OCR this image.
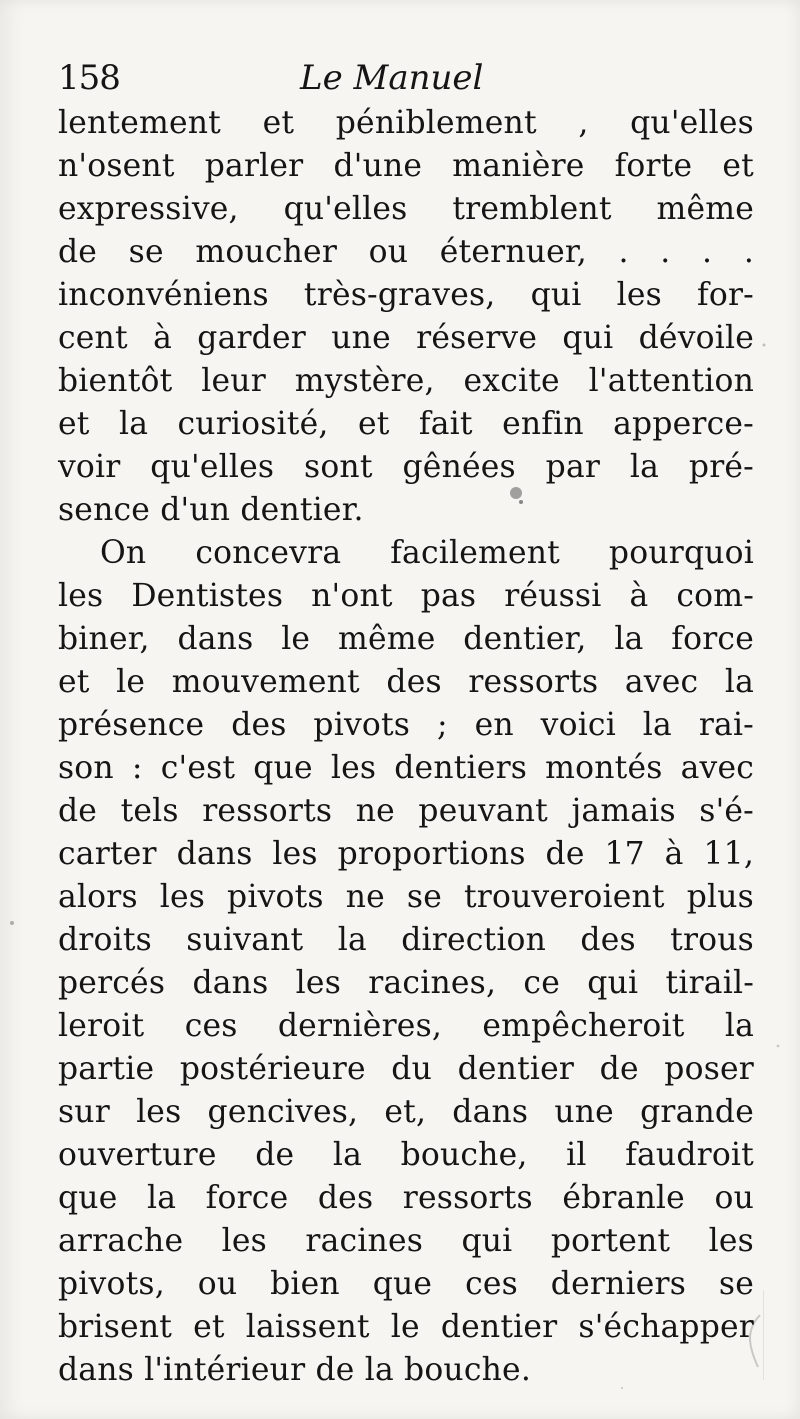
158	Le Manuel
lentement et péniblement , qu'elles
n'osent parler d'une manière forte et
expressive, qu'elles tremblent même
de se moucher ou éternuer, . . . .
inconvéniens très-graves, qui les for-
cent à garder une réserve qui dévoile
bientôt leur mystère, excite l'attention
et la curiosité, et fait enfin apperce-
voir qu'elles sont gênées par la pré-
sence d'un dentier.
On concevra facilement pourquoi
les Dentistes n'ont pas réussi à com-
biner, dans le même dentier, la force
et le mouvement des ressorts avec la
présence des pivots ; en voici la rai-
son : c'est que les dentiers montés avec
de tels ressorts ne peuvant jamais s'é-
carter dans les proportions de 17 à 11,
alors les pivots ne se trouveroient plus
droits suivant la direction des trous
percés dans les racines, ce qui tirail-
leroit ces dernières, empêcheroit la
partie postérieure du dentier de poser
sur les gencives, et, dans une grande
ouverture de la bouche, il faudroit
que la force des ressorts ébranle ou
arrache les racines qui portent les
pivots, ou bien que ces derniers se
brisent et laissent le dentier s'échapper
dans l'intérieur de la bouche.
